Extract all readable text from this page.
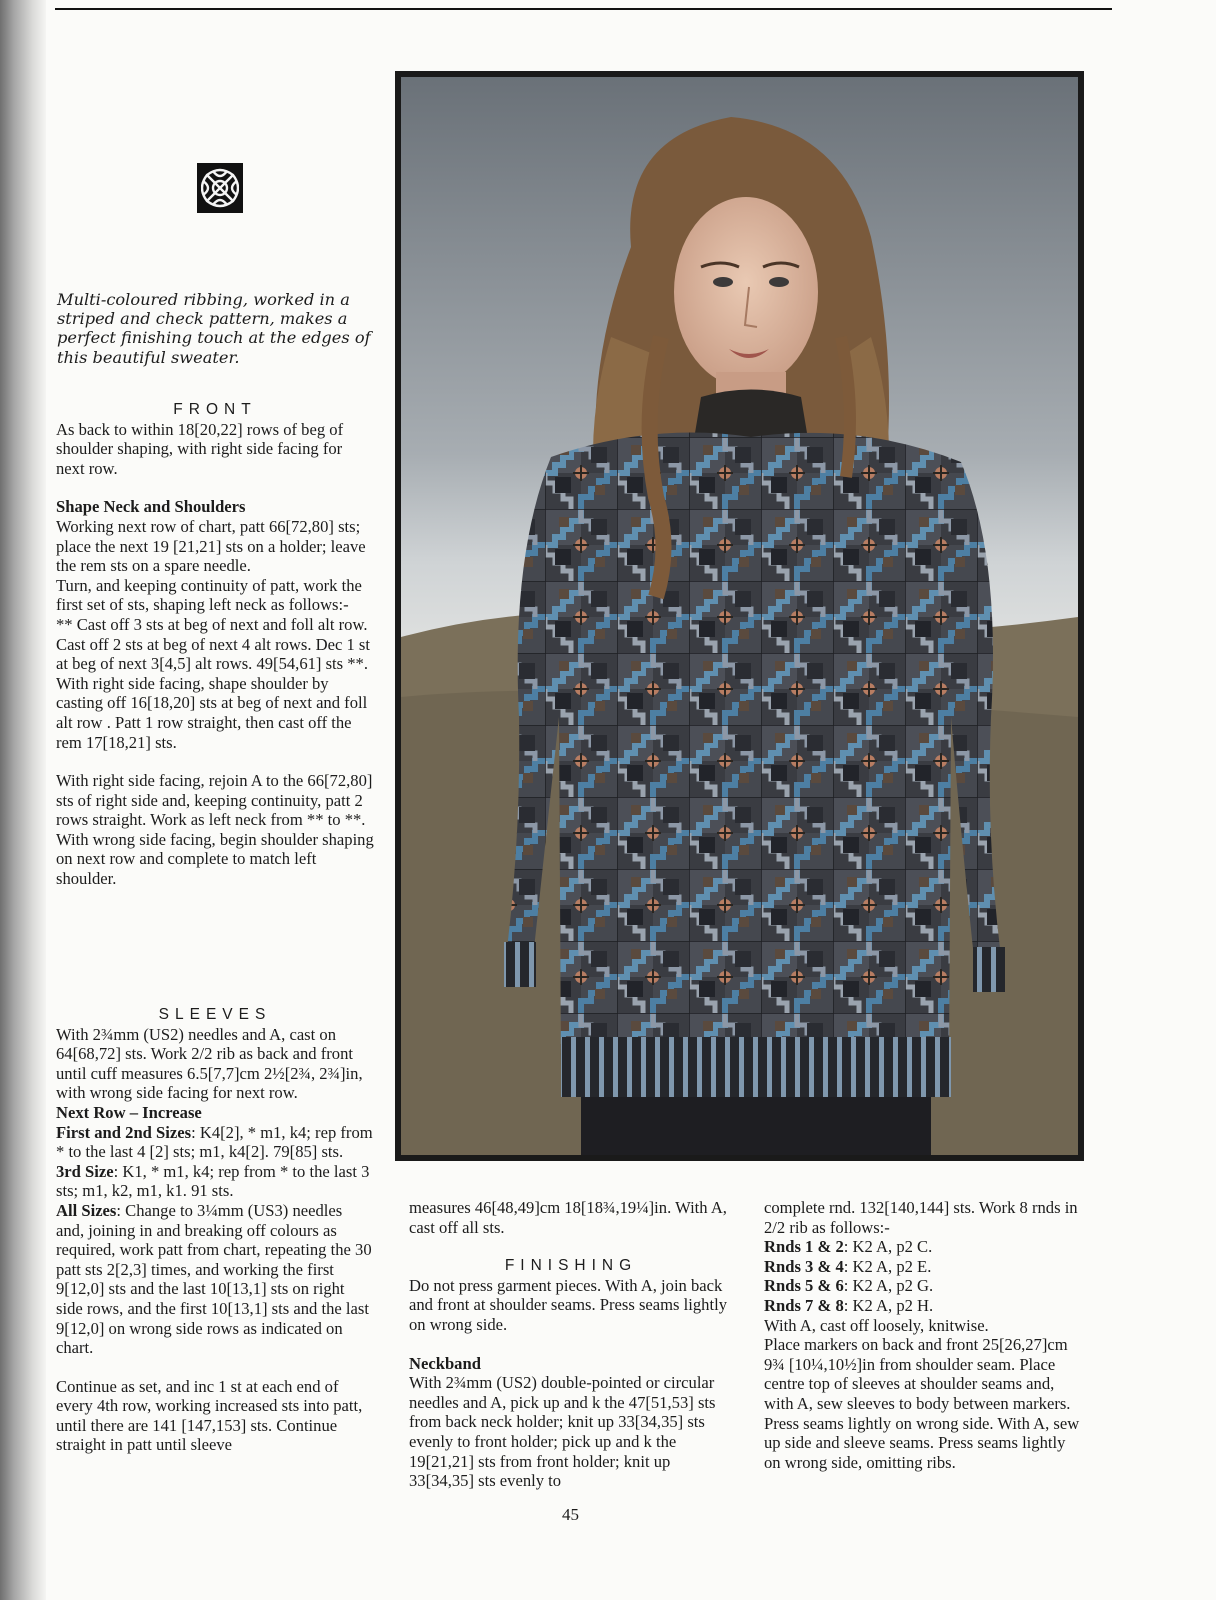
Multi-coloured ribbing, worked in a striped and check pattern, makes a perfect finishing touch at the edges of this beautiful sweater.

FRONT

As back to within 18[20,22] rows of beg of shoulder shaping, with right side facing for next row.

Shape Neck and Shoulders

Working next row of chart, patt 66[72,80] sts; place the next 19 [21,21] sts on a holder; leave the rem sts on a spare needle.

Turn, and keeping continuity of patt, work the first set of sts, shaping left neck as follows:-

** Cast off 3 sts at beg of next and foll alt row. Cast off 2 sts at beg of next 4 alt rows. Dec 1 st at beg of next 3[4,5] alt rows. 49[54,61] sts **.

With right side facing, shape shoulder by casting off 16[18,20] sts at beg of next and foll alt row . Patt 1 row straight, then cast off the rem 17[18,21] sts.

With right side facing, rejoin A to the 66[72,80] sts of right side and, keeping continuity, patt 2 rows straight. Work as left neck from ** to **. With wrong side facing, begin shoulder shaping on next row and complete to match left shoulder.

SLEEVES

With 2¾mm (US2) needles and A, cast on 64[68,72] sts. Work 2/2 rib as back and front until cuff measures 6.5[7,7]cm 2½[2¾, 2¾]in, with wrong side facing for next row.

Next Row – Increase

First and 2nd Sizes: K4[2], * m1, k4; rep from * to the last 4 [2] sts; m1, k4[2]. 79[85] sts.

3rd Size: K1, * m1, k4; rep from * to the last 3 sts; m1, k2, m1, k1. 91 sts.

All Sizes: Change to 3¼mm (US3) needles and, joining in and breaking off colours as required, work patt from chart, repeating the 30 patt sts 2[2,3] times, and working the first 9[12,0] sts and the last 10[13,1] sts on right side rows, and the first 10[13,1] sts and the last 9[12,0] on wrong side rows as indicated on chart.

Continue as set, and inc 1 st at each end of every 4th row, working increased sts into patt, until there are 141 [147,153] sts. Continue straight in patt until sleeve

measures 46[48,49]cm 18[18¾,19¼]in. With A, cast off all sts.

FINISHING

Do not press garment pieces. With A, join back and front at shoulder seams. Press seams lightly on wrong side.

Neckband

With 2¾mm (US2) double-pointed or circular needles and A, pick up and k the 47[51,53] sts from back neck holder; knit up 33[34,35] sts evenly to front holder; pick up and k the 19[21,21] sts from front holder; knit up 33[34,35] sts evenly to

complete rnd. 132[140,144] sts. Work 8 rnds in 2/2 rib as follows:-

Rnds 1 & 2: K2 A, p2 C.

Rnds 3 & 4: K2 A, p2 E.

Rnds 5 & 6: K2 A, p2 G.

Rnds 7 & 8: K2 A, p2 H.

With A, cast off loosely, knitwise.

Place markers on back and front 25[26,27]cm 9¾ [10¼,10½]in from shoulder seam. Place centre top of sleeves at shoulder seams and, with A, sew sleeves to body between markers. Press seams lightly on wrong side. With A, sew up side and sleeve seams. Press seams lightly on wrong side, omitting ribs.

45
